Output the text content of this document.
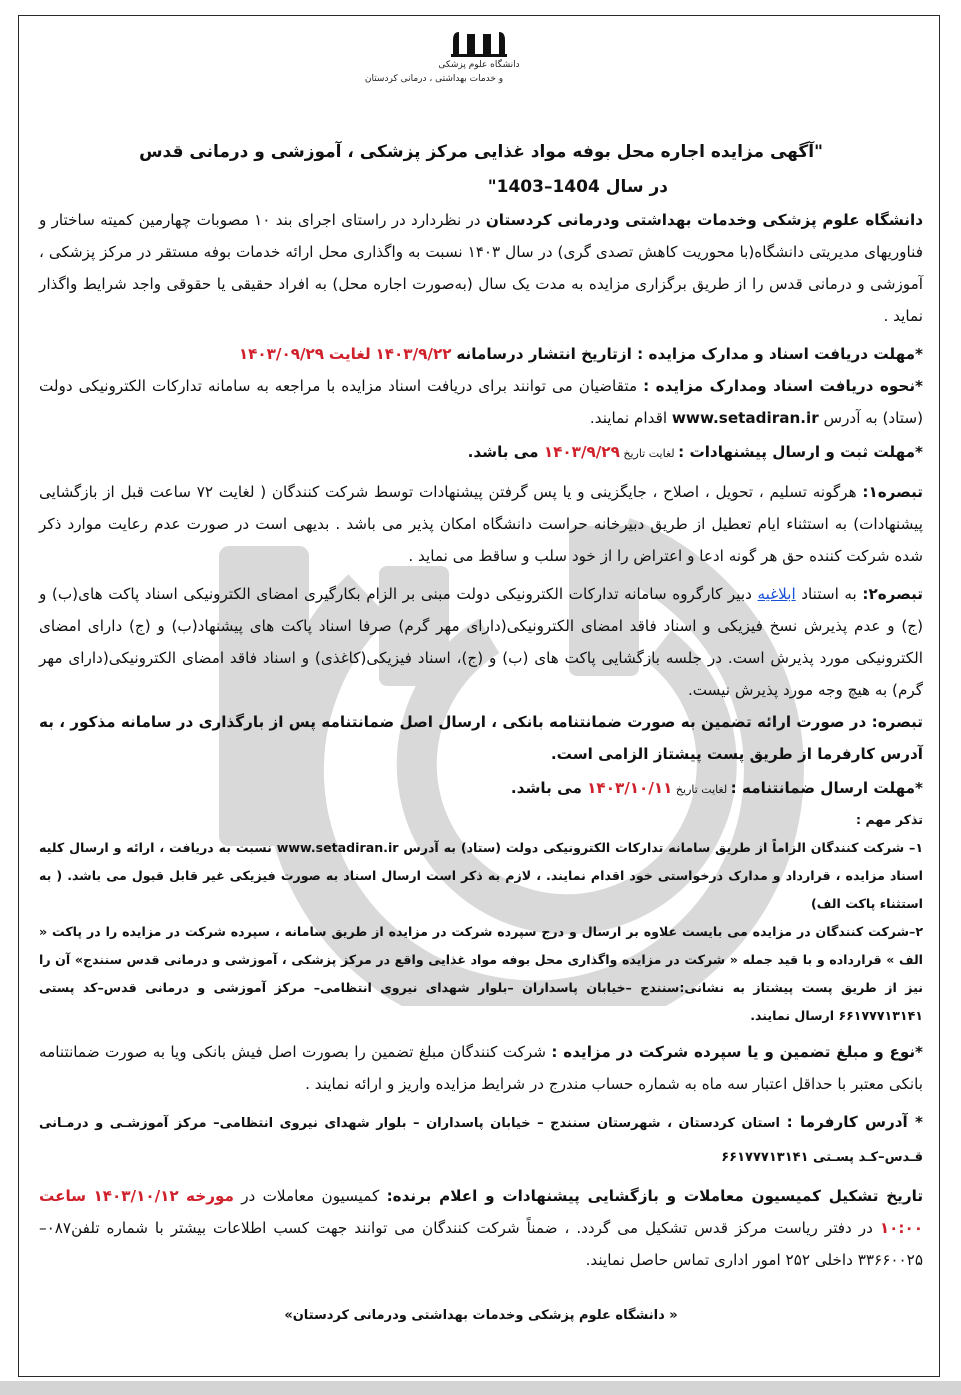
دانشگاه علوم پزشکی
و خدمات بهداشتی ، درمانی کردستان

"آگهی مزایده اجاره محل بوفه مواد غذایی مرکز پزشکی ، آموزشی و درمانی قدس

در سال 1404–1403"

دانشگاه علوم پزشکی وخدمات بهداشتی ودرمانی کردستان در نظردارد در راستای اجرای بند ۱۰ مصوبات چهارمین کمیته ساختار و فناوریهای مدیریتی دانشگاه(با محوریت کاهش تصدی گری) در سال ۱۴۰۳ نسبت به واگذاری محل ارائه خدمات بوفه مستقر در مرکز پزشکی ، آموزشی و درمانی قدس را از طریق برگزاری مزایده به مدت یک سال (بەصورت اجاره محل) به افراد حقیقی یا حقوقی واجد شرایط واگذار نماید .

*مهلت دریافت اسناد و مدارک مزایده : ازتاریخ انتشار درسامانه ۱۴۰۳/۹/۲۲ لغایت ۱۴۰۳/۰۹/۲۹

*نحوه دریافت اسناد ومدارک مزایده : متقاضیان می توانند برای دریافت اسناد مزایده با مراجعه به سامانه تدارکات الکترونیکی دولت (ستاد) به آدرس www.setadiran.ir اقدام نمایند.

*مهلت ثبت و ارسال پیشنهادات : لغایت تاریخ ۱۴۰۳/۹/۲۹ می باشد.

تبصره۱: هرگونه تسلیم ، تحویل ، اصلاح ، جایگزینی و یا پس گرفتن پیشنهادات توسط شرکت کنندگان ( لغایت ۷۲ ساعت قبل از بازگشایی پیشنهادات) به استثناء ایام تعطیل از طریق دبیرخانه حراست دانشگاه امکان پذیر می باشد . بدیهی است در صورت عدم رعایت موارد ذکر شده شرکت کننده حق هر گونه ادعا و اعتراض را از خود سلب و ساقط می نماید .

تبصره۲: به استناد ابلاغیه دبیر کارگروه سامانه تدارکات الکترونیکی دولت مبنی بر الزام بکارگیری امضای الکترونیکی اسناد پاکت های(ب) و (ج) و عدم پذیرش نسخ فیزیکی و اسناد فاقد امضای الکترونیکی(دارای مهر گرم) صرفا اسناد پاکت های پیشنهاد(ب) و (ج) دارای امضای الکترونیکی مورد پذیرش است. در جلسه بازگشایی پاکت های (ب) و (ج)، اسناد فیزیکی(کاغذی) و اسناد فاقد امضای الکترونیکی(دارای مهر گرم) به هیچ وجه مورد پذیرش نیست.

تبصره: در صورت ارائه تضمین به صورت ضمانتنامه بانکی ، ارسال اصل ضمانتنامه پس از بارگذاری در سامانه مذکور ، به آدرس کارفرما از طریق پست پیشتاز الزامی است.

*مهلت ارسال ضمانتنامه : لغایت تاریخ ۱۴۰۳/۱۰/۱۱ می باشد.

تذکر مهم :

۱– شرکت کنندگان الزاماً از طریق سامانه تدارکات الکترونیکی دولت (ستاد) به آدرس www.setadiran.ir نسبت به دریافت ، ارائه و ارسال کلیه اسناد مزایده ، قرارداد و مدارک درخواستی خود اقدام نمایند. ، لازم به ذکر است ارسال اسناد به صورت فیزیکی غیر قابل قبول می باشد. ( به استثناء پاکت الف)

۲–شرکت کنندگان در مزایده می بایست علاوه بر ارسال و درج سپرده شرکت در مزایده از طریق سامانه ، سپرده شرکت در مزایده را در پاکت « الف » قرارداده و با قید جمله « شرکت در مزایده واگذاری محل بوفه مواد غذایی واقع در مرکز پزشکی ، آموزشی و درمانی قدس سنندج» آن را نیز از طریق پست پیشتاز به نشانی:سنندج –خیابان پاسداران –بلوار شهدای نیروی انتظامی– مرکز آموزشی و درمانی قدس–کد پستی ۶۶۱۷۷۷۱۳۱۴۱ ارسال نمایند.

*نوع و مبلغ تضمین و یا سپرده شرکت در مزایده : شرکت کنندگان مبلغ تضمین را بصورت اصل فیش بانکی ویا به صورت ضمانتنامه بانکی معتبر با حداقل اعتبار سه ماه به شماره حساب مندرج در شرایط مزایده واریز و ارائه نمایند .

* آدرس کارفرما : استان کردستان ، شهرستان سنندج – خیابان پاسداران – بلوار شهدای نیروی انتظامی– مرکز آموزشـی و درمـانی قـدس–کـد پسـتی ۶۶۱۷۷۷۱۳۱۴۱

تاریخ تشکیل کمیسیون معاملات و بازگشایی پیشنهادات و اعلام برنده: کمیسیون معاملات در مورخه ۱۴۰۳/۱۰/۱۲ ساعت ۱۰:۰۰ در دفتر ریاست مرکز قدس تشکیل می گردد. ، ضمناً شرکت کنندگان می توانند جهت کسب اطلاعات بیشتر با شماره تلفن۰۸۷–۳۳۶۶۰۰۲۵ داخلی ۲۵۲ امور اداری تماس حاصل نمایند.

« دانشگاه علوم پزشکی وخدمات بهداشتی ودرمانی کردستان»
